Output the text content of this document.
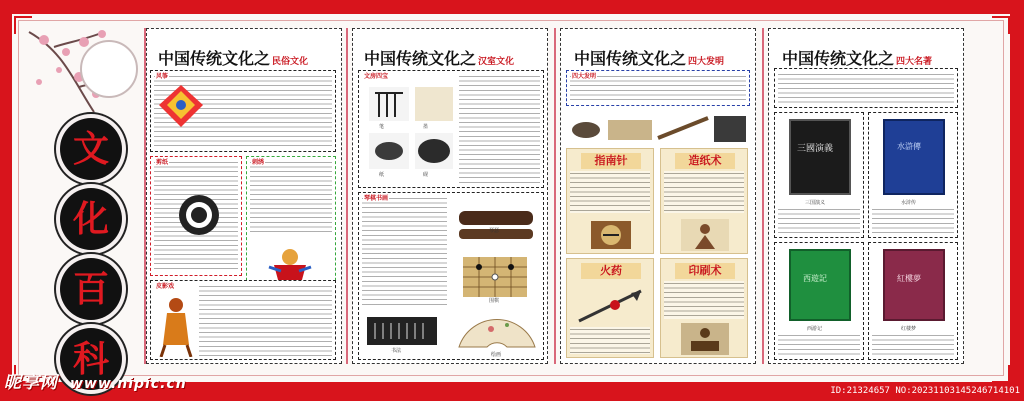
文
化
百
科
中国传统文化之 民俗文化
风筝
剪纸	刺绣
皮影戏
中国传统文化之 汉室文化
文房四宝
笔	墨
纸	砚
琴棋书画
琴瑟
围棋
书法
绘画
中国传统文化之 四大发明
四大发明
指南针	造纸术
火药	印刷术
中国传统文化之 四大名著
三國演義
三国演义
水滸傳
水浒传
西遊記
西游记
紅樓夢
红楼梦
昵享网 www.nipic.cn	ID:21324657 NO:20231103145246714101
